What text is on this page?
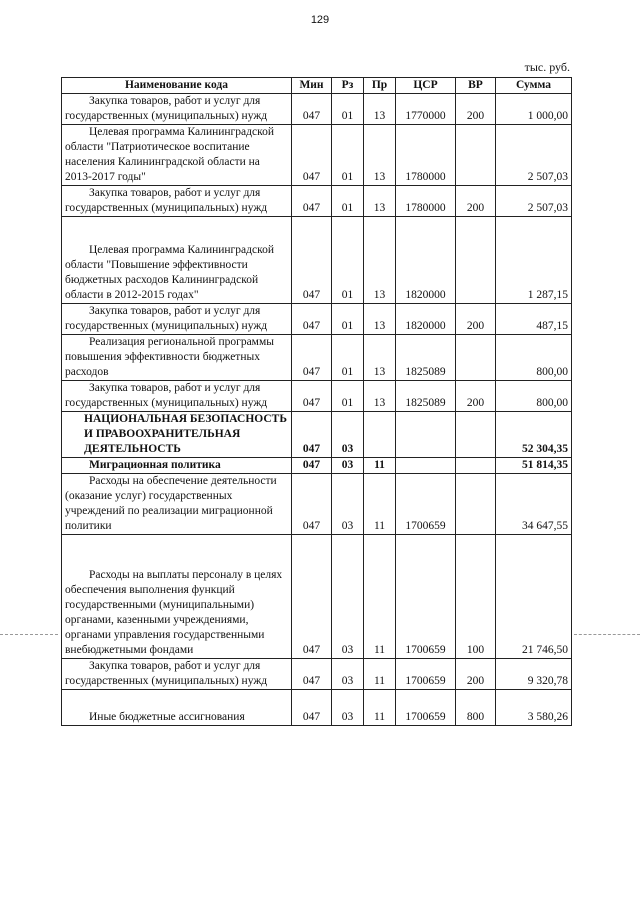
129
тыс. руб.
Наименование кода	Мин	Рз	Пр	ЦСР	ВР	Сумма
Закупка товаров, работ и услуг для государственных (муниципальных) нужд	047	01	13	1770000	200	1 000,00
Целевая программа Калининградской области "Патриотическое воспитание населения Калининградской области на 2013-2017 годы"	047	01	13	1780000		2 507,03
Закупка товаров, работ и услуг для государственных (муниципальных) нужд	047	01	13	1780000	200	2 507,03
Целевая программа Калининградской области "Повышение эффективности бюджетных расходов Калининградской области в 2012-2015 годах"	047	01	13	1820000		1 287,15
Закупка товаров, работ и услуг для государственных (муниципальных) нужд	047	01	13	1820000	200	487,15
Реализация региональной программы повышения эффективности бюджетных расходов	047	01	13	1825089		800,00
Закупка товаров, работ и услуг для государственных (муниципальных) нужд	047	01	13	1825089	200	800,00
НАЦИОНАЛЬНАЯ БЕЗОПАСНОСТЬ И ПРАВООХРАНИТЕЛЬНАЯ ДЕЯТЕЛЬНОСТЬ	047	03				52 304,35
Миграционная политика	047	03	11			51 814,35
Расходы на обеспечение деятельности (оказание услуг) государственных учреждений по реализации миграционной политики	047	03	11	1700659		34 647,55
Расходы на выплаты персоналу в целях обеспечения выполнения функций государственными (муниципальными) органами, казенными учреждениями, органами управления государственными внебюджетными фондами	047	03	11	1700659	100	21 746,50
Закупка товаров, работ и услуг для государственных (муниципальных) нужд	047	03	11	1700659	200	9 320,78
Иные бюджетные ассигнования	047	03	11	1700659	800	3 580,26
